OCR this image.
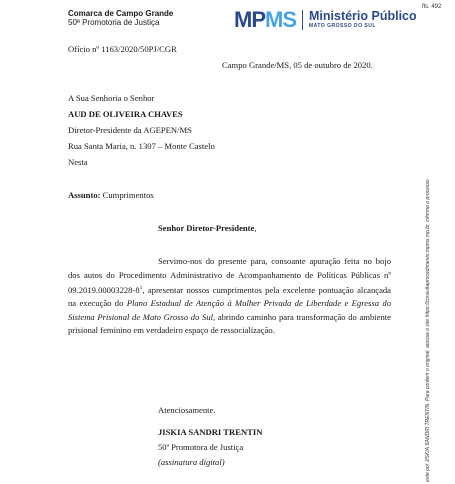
Comarca de Campo Grande
50ª Promotoria de Justiça	MPMS Ministério Público
MATO GROSSO DO SUL
fls. 492
Ofício nº 1163/2020/50PJ/CGR
Campo Grande/MS, 05 de outubro de 2020.
A Sua Senhoria o Senhor
AUD DE OLIVEIRA CHAVES
Diretor-Presidente da AGEPEN/MS
Rua Santa Maria, n. 1307 – Monte Castelo
Nesta
Assunto: Cumprimentos
Senhor Diretor-Presidente,
Servimo-nos do presente para, consoante apuração feita no bojo dos autos do Procedimento Administrativo de Acompanhamento de Políticas Públicas nº $09.2019.00003228-8^1$, apresentar nossos cumprimentos pela excelente pontuação alcançada na execução do Plano Estadual de Atenção à Mulher Privada de Liberdade e Egressa do Sistema Prisional de Mato Grosso do Sul, abrindo caminho para transformação do ambiente prisional feminino em verdadeiro espaço de ressocialização.
Atenciosamente.
JISKIA SANDRI TRENTIN
50ª Promotora de Justiça
(assinatura digital)	ente por JISKIA SANDRI TRENTIN. Para conferir o original, acesse o site https://consultaprocedimento.mpms.mp.br, informe o processo
